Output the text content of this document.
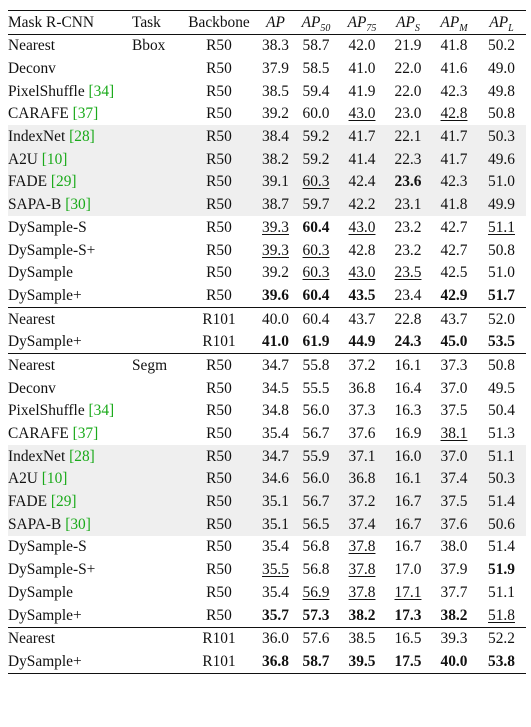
Mask R-CNN	Task	Backbone	AP	$AP_{50}$	$AP_{75}$	$AP_S$	$AP_M$	$AP_L$
Nearest	Bbox	R50	38.3	58.7	42.0	21.9	41.8	50.2
Deconv		R50	37.9	58.5	41.0	22.0	41.6	49.0
PixelShuffle [34]		R50	38.5	59.4	41.9	22.0	42.3	49.8
CARAFE [37]		R50	39.2	60.0	43.0	23.0	42.8	50.8
IndexNet [28]		R50	38.4	59.2	41.7	22.1	41.7	50.3
A2U [10]		R50	38.2	59.2	41.4	22.3	41.7	49.6
FADE [29]		R50	39.1	60.3	42.4	23.6	42.3	51.0
SAPA-B [30]		R50	38.7	59.7	42.2	23.1	41.8	49.9
DySample-S		R50	39.3	60.4	43.0	23.2	42.7	51.1
DySample-S+		R50	39.3	60.3	42.8	23.2	42.7	50.8
DySample		R50	39.2	60.3	43.0	23.5	42.5	51.0
DySample+		R50	39.6	60.4	43.5	23.4	42.9	51.7
Nearest		R101	40.0	60.4	43.7	22.8	43.7	52.0
DySample+		R101	41.0	61.9	44.9	24.3	45.0	53.5
Nearest	Segm	R50	34.7	55.8	37.2	16.1	37.3	50.8
Deconv		R50	34.5	55.5	36.8	16.4	37.0	49.5
PixelShuffle [34]		R50	34.8	56.0	37.3	16.3	37.5	50.4
CARAFE [37]		R50	35.4	56.7	37.6	16.9	38.1	51.3
IndexNet [28]		R50	34.7	55.9	37.1	16.0	37.0	51.1
A2U [10]		R50	34.6	56.0	36.8	16.1	37.4	50.3
FADE [29]		R50	35.1	56.7	37.2	16.7	37.5	51.4
SAPA-B [30]		R50	35.1	56.5	37.4	16.7	37.6	50.6
DySample-S		R50	35.4	56.8	37.8	16.7	38.0	51.4
DySample-S+		R50	35.5	56.8	37.8	17.0	37.9	51.9
DySample		R50	35.4	56.9	37.8	17.1	37.7	51.1
DySample+		R50	35.7	57.3	38.2	17.3	38.2	51.8
Nearest		R101	36.0	57.6	38.5	16.5	39.3	52.2
DySample+		R101	36.8	58.7	39.5	17.5	40.0	53.8
